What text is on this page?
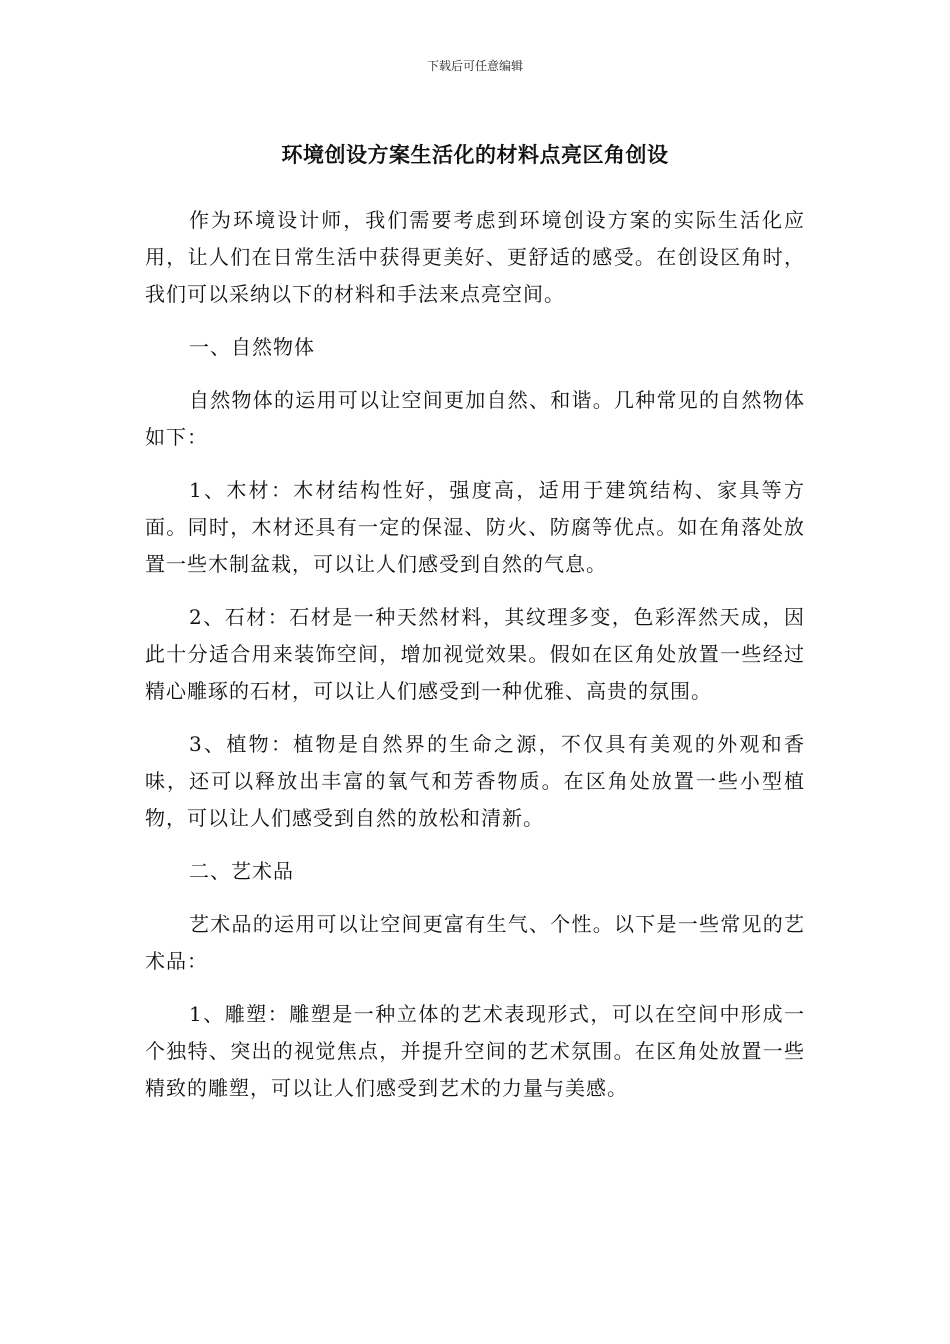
下载后可任意编辑
环境创设方案生活化的材料点亮区角创设

作为环境设计师，我们需要考虑到环境创设方案的实际生活化应用，让人们在日常生活中获得更美好、更舒适的感受。在创设区角时，我们可以采纳以下的材料和手法来点亮空间。

一、自然物体

自然物体的运用可以让空间更加自然、和谐。几种常见的自然物体如下：

1、木材：木材结构性好，强度高，适用于建筑结构、家具等方面。同时，木材还具有一定的保湿、防火、防腐等优点。如在角落处放置一些木制盆栽，可以让人们感受到自然的气息。

2、石材：石材是一种天然材料，其纹理多变，色彩浑然天成，因此十分适合用来装饰空间，增加视觉效果。假如在区角处放置一些经过精心雕琢的石材，可以让人们感受到一种优雅、高贵的氛围。

3、植物：植物是自然界的生命之源，不仅具有美观的外观和香味，还可以释放出丰富的氧气和芳香物质。在区角处放置一些小型植物，可以让人们感受到自然的放松和清新。

二、艺术品

艺术品的运用可以让空间更富有生气、个性。以下是一些常见的艺术品：

1、雕塑：雕塑是一种立体的艺术表现形式，可以在空间中形成一个独特、突出的视觉焦点，并提升空间的艺术氛围。在区角处放置一些精致的雕塑，可以让人们感受到艺术的力量与美感。
